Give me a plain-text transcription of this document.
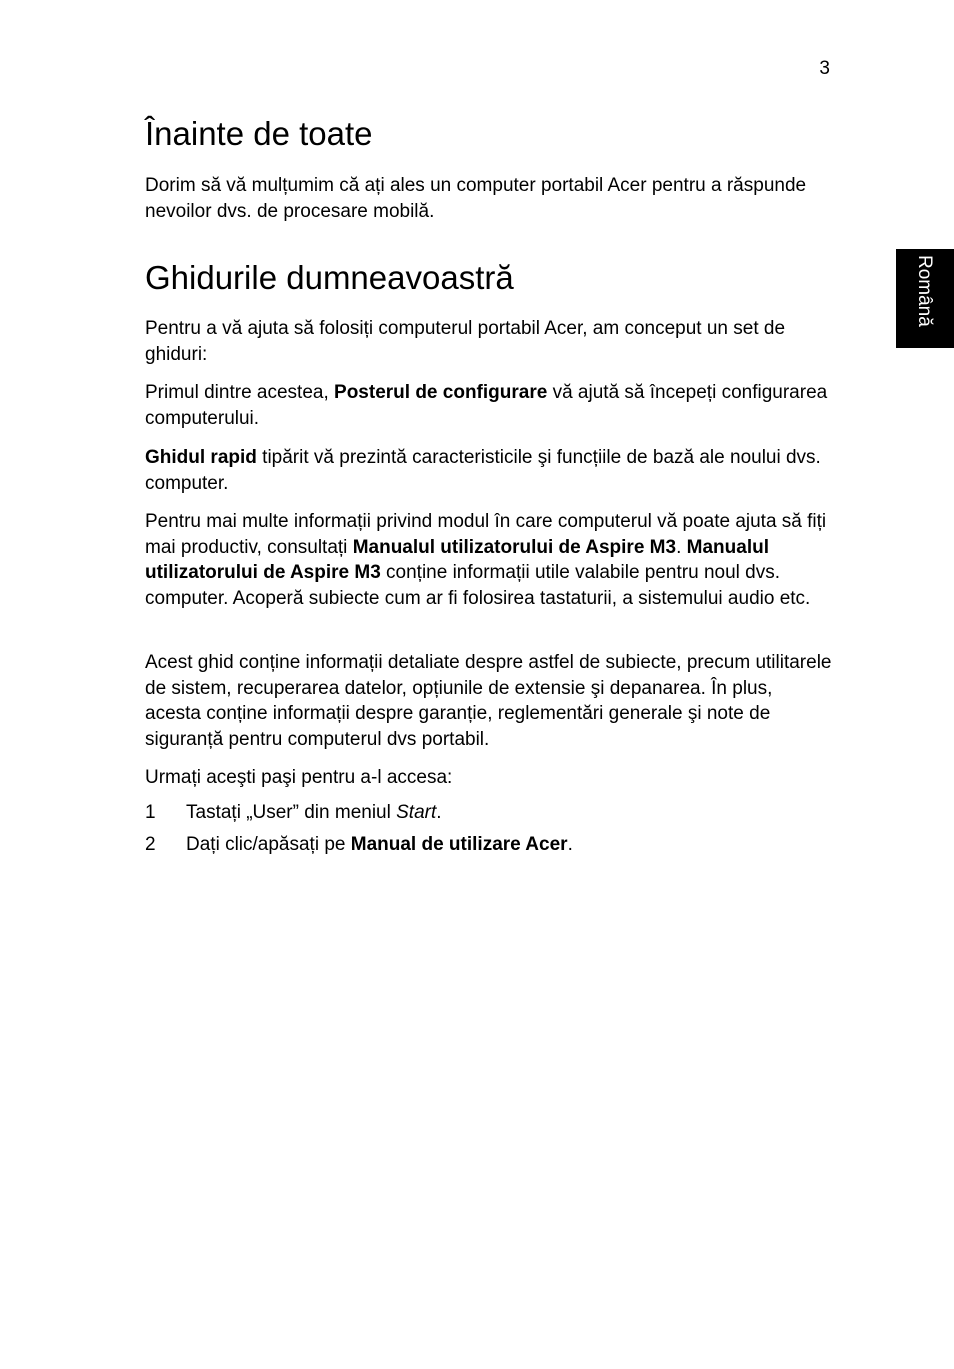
3
Română
Înainte de toate

Dorim să vă mulțumim că ați ales un computer portabil Acer pentru a răspunde nevoilor dvs. de procesare mobilă.

Ghidurile dumneavoastră

Pentru a vă ajuta să folosiți computerul portabil Acer, am conceput un set de ghiduri:

Primul dintre acestea, Posterul de configurare vă ajută să începeți configurarea computerului.

Ghidul rapid tipărit vă prezintă caracteristicile şi funcțiile de bază ale noului dvs. computer.

Pentru mai multe informații privind modul în care computerul vă poate ajuta să fiți mai productiv, consultați Manualul utilizatorului de Aspire M3. Manualul utilizatorului de Aspire M3 conține informații utile valabile pentru noul dvs. computer. Acoperă subiecte cum ar fi folosirea tastaturii, a sistemului audio etc.

Acest ghid conține informații detaliate despre astfel de subiecte, precum utilitarele de sistem, recuperarea datelor, opțiunile de extensie şi depanarea. În plus, acesta conține informații despre garanție, reglementări generale şi note de siguranță pentru computerul dvs portabil.

Urmați aceşti paşi pentru a-l accesa:

1 Tastați „User” din meniul Start.
2 Dați clic/apăsați pe Manual de utilizare Acer.
